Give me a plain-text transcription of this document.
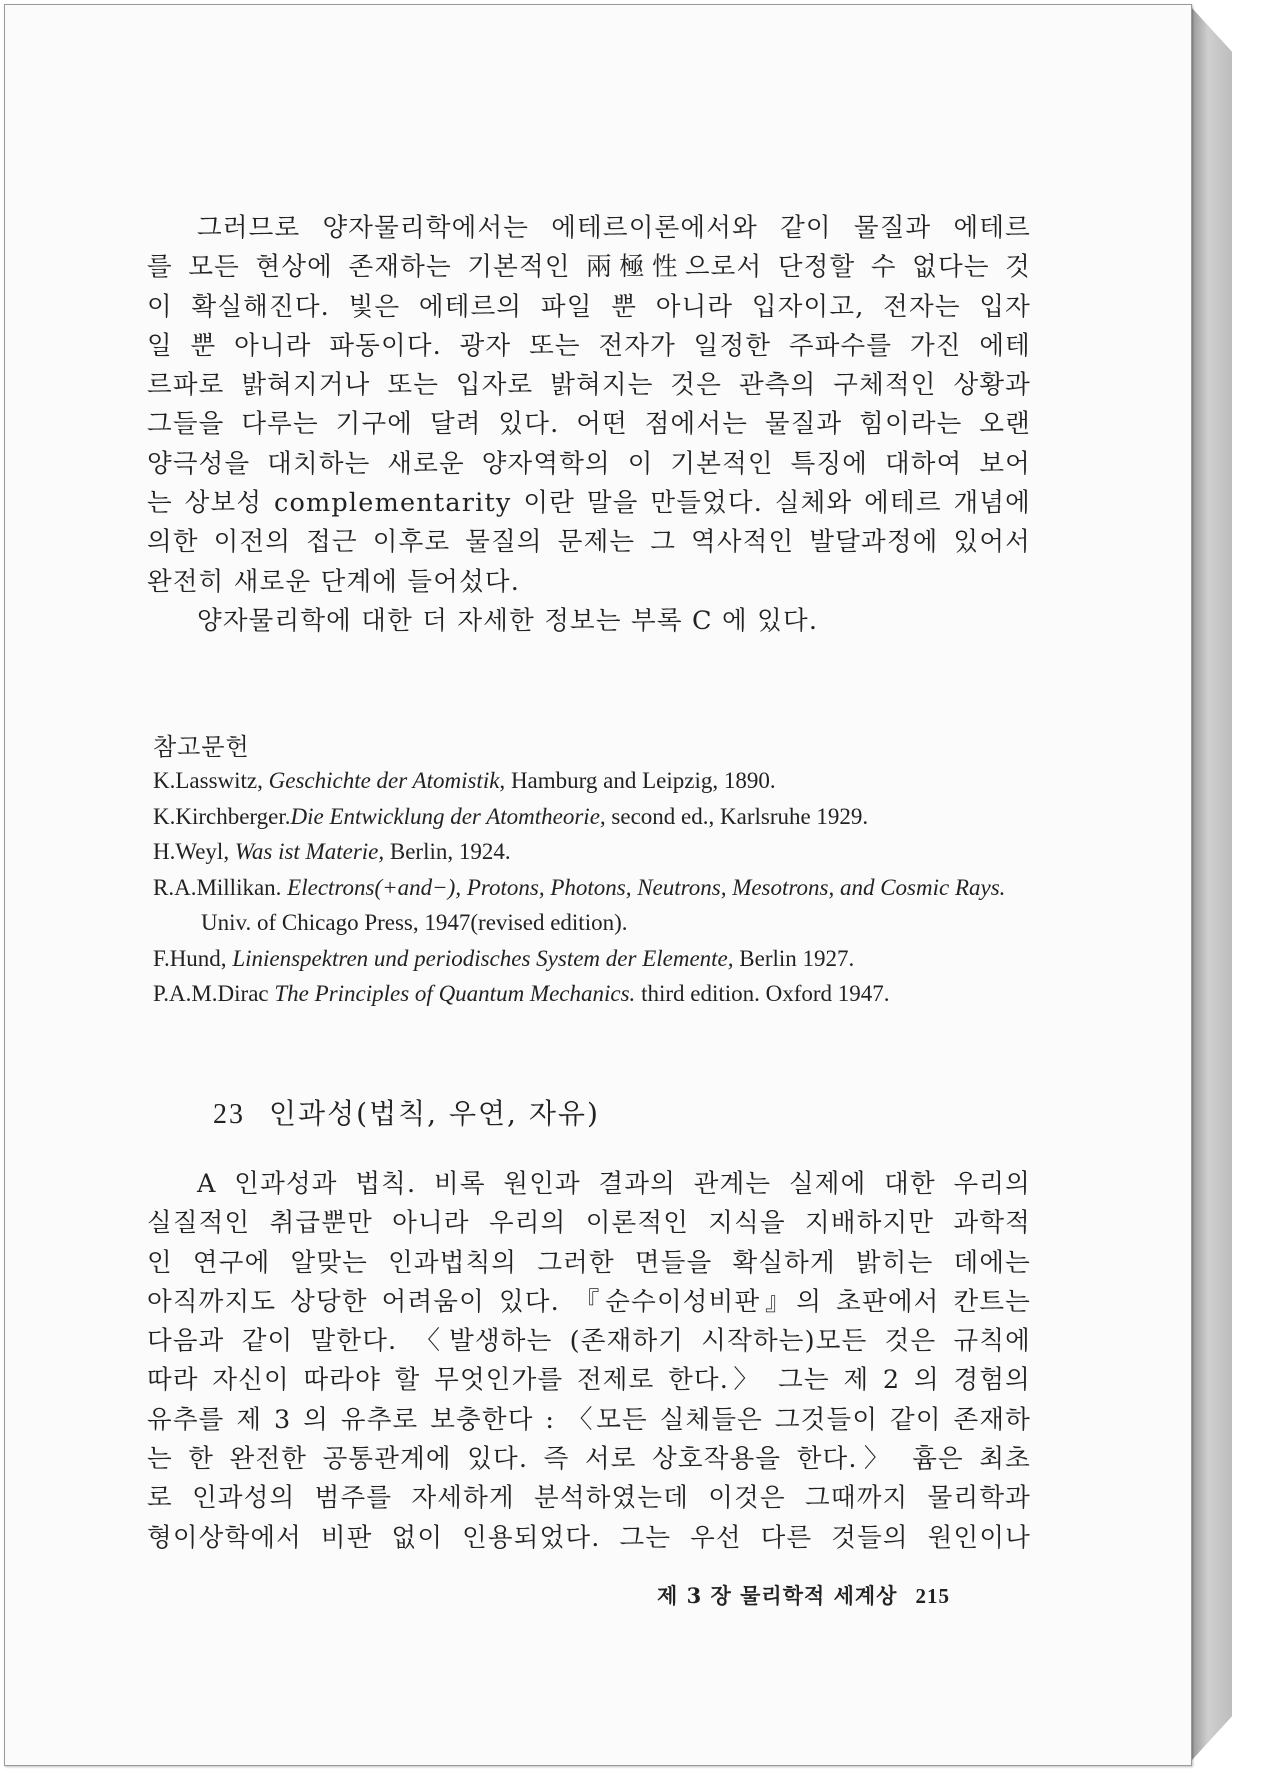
그러므로 양자물리학에서는 에테르이론에서와 같이 물질과 에테르
를 모든 현상에 존재하는 기본적인 兩極性으로서 단정할 수 없다는 것
이 확실해진다. 빛은 에테르의 파일 뿐 아니라 입자이고, 전자는 입자
일 뿐 아니라 파동이다. 광자 또는 전자가 일정한 주파수를 가진 에테
르파로 밝혀지거나 또는 입자로 밝혀지는 것은 관측의 구체적인 상황과
그들을 다루는 기구에 달려 있다. 어떤 점에서는 물질과 힘이라는 오랜
양극성을 대치하는 새로운 양자역학의 이 기본적인 특징에 대하여 보어
는 상보성 complementarity 이란 말을 만들었다. 실체와 에테르 개념에
의한 이전의 접근 이후로 물질의 문제는 그 역사적인 발달과정에 있어서
완전히 새로운 단계에 들어섰다.

양자물리학에 대한 더 자세한 정보는 부록 C 에 있다.

참고문헌
K.Lasswitz, Geschichte der Atomistik, Hamburg and Leipzig, 1890.
K.Kirchberger.Die Entwicklung der Atomtheorie, second ed., Karlsruhe 1929.
H.Weyl, Was ist Materie, Berlin, 1924.
R.A.Millikan. Electrons(+and−), Protons, Photons, Neutrons, Mesotrons, and Cosmic Rays.
Univ. of Chicago Press, 1947(revised edition).
F.Hund, Linienspektren und periodisches System der Elemente, Berlin 1927.
P.A.M.Dirac The Principles of Quantum Mechanics. third edition. Oxford 1947.
23 인과성(법칙, 우연, 자유)

A 인과성과 법칙. 비록 원인과 결과의 관계는 실제에 대한 우리의
실질적인 취급뿐만 아니라 우리의 이론적인 지식을 지배하지만 과학적
인 연구에 알맞는 인과법칙의 그러한 면들을 확실하게 밝히는 데에는
아직까지도 상당한 어려움이 있다. 『순수이성비판』의 초판에서 칸트는
다음과 같이 말한다. 〈발생하는 (존재하기 시작하는)모든 것은 규칙에
따라 자신이 따라야 할 무엇인가를 전제로 한다.〉 그는 제 2 의 경험의
유추를 제 3 의 유추로 보충한다 : 〈모든 실체들은 그것들이 같이 존재하
는 한 완전한 공통관계에 있다. 즉 서로 상호작용을 한다.〉 흄은 최초
로 인과성의 범주를 자세하게 분석하였는데 이것은 그때까지 물리학과
형이상학에서 비판 없이 인용되었다. 그는 우선 다른 것들의 원인이나

제 3 장 물리학적 세계상 215
